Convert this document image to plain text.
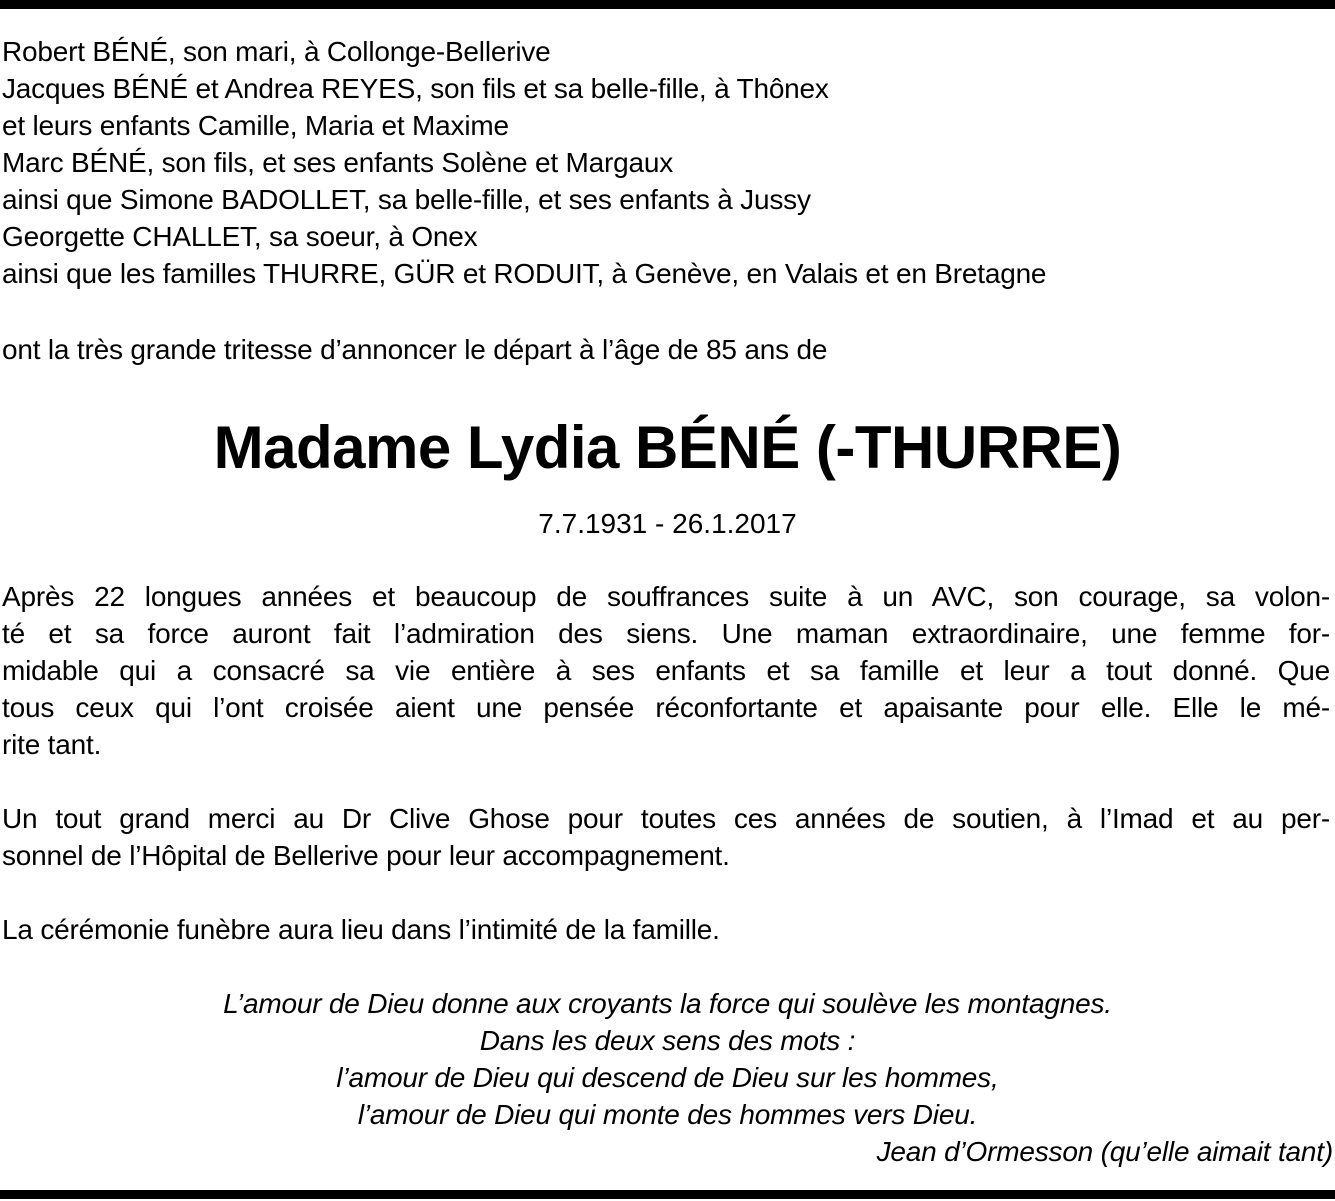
Robert BÉNÉ, son mari, à Collonge-Bellerive
Jacques BÉNÉ et Andrea REYES, son fils et sa belle-fille, à Thônex
et leurs enfants Camille, Maria et Maxime
Marc BÉNÉ, son fils, et ses enfants Solène et Margaux
ainsi que Simone BADOLLET, sa belle-fille, et ses enfants à Jussy
Georgette CHALLET, sa soeur, à Onex
ainsi que les familles THURRE, GÜR et RODUIT, à Genève, en Valais et en Bretagne

ont la très grande tritesse d’annoncer le départ à l’âge de 85 ans de

Madame Lydia BÉNÉ (-THURRE)

7.7.1931 - 26.1.2017

Après 22 longues années et beaucoup de souffrances suite à un AVC, son courage, sa volon-
té et sa force auront fait l’admiration des siens. Une maman extraordinaire, une femme for-
midable qui a consacré sa vie entière à ses enfants et sa famille et leur a tout donné. Que
tous ceux qui l’ont croisée aient une pensée réconfortante et apaisante pour elle. Elle le mé-
rite tant.

Un tout grand merci au Dr Clive Ghose pour toutes ces années de soutien, à l’Imad et au per-
sonnel de l’Hôpital de Bellerive pour leur accompagnement.

La cérémonie funèbre aura lieu dans l’intimité de la famille.

L’amour de Dieu donne aux croyants la force qui soulève les montagnes.
Dans les deux sens des mots :
l’amour de Dieu qui descend de Dieu sur les hommes,
l’amour de Dieu qui monte des hommes vers Dieu.
Jean d’Ormesson (qu’elle aimait tant)
